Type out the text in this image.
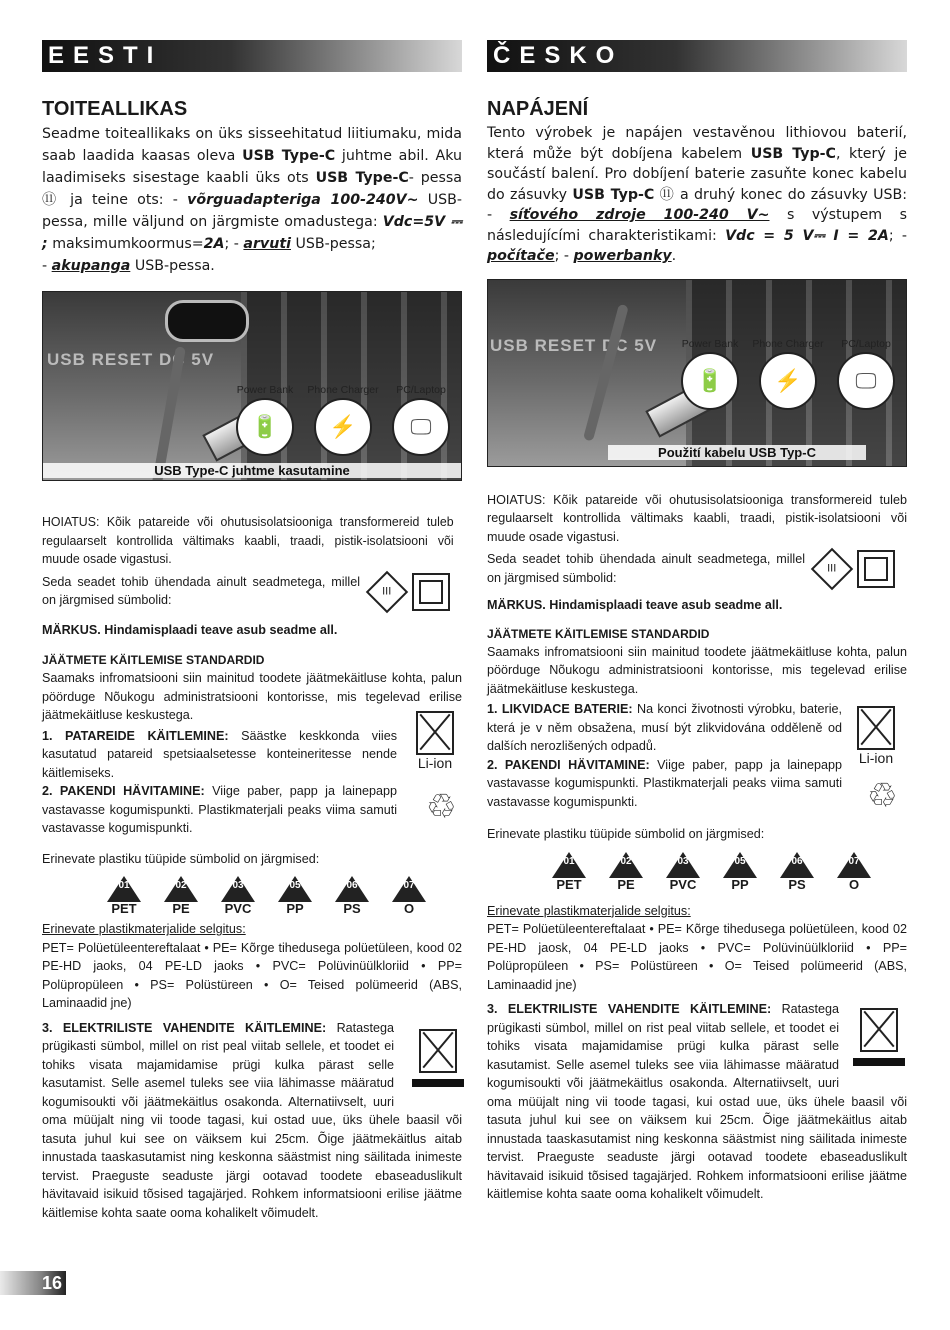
EESTI
TOITEALLIKAS

Seadme toiteallikaks on üks sisseehitatud liitiumaku, mida saab laadida kaasas oleva USB Type-C juhtme abil. Aku laadimiseks sisestage kaabli üks ots USB Type-C- pessa ⑪ ja teine ots: - võrguadapteriga 100-240V~ USB-pessa, mille väljund on järgmiste omadustega: Vdc=5V ⎓ ; maksimumkoormus=2A; - arvuti USB-pessa;
- akupanga USB-pessa.

USB RESET DC 5V
Power Bank
🔋
Phone Charger
⚡
PC/Laptop
🖵
USB Type-C juhtme kasutamine

HOIATUS: Kõik patareide või ohutusisolatsiooniga transformereid tuleb regulaarselt kontrollida vältimaks kaabli, traadi, pistik-isolatsiooni või muude osade vigastusi.

Seda seadet tohib ühendada ainult seadmetega, millel on järgmised sümbolid:

III

MÄRKUS. Hindamisplaadi teave asub seadme all.

JÄÄTMETE KÄITLEMISE STANDARDID

Saamaks infromatsiooni siin mainitud toodete jäätmekäitluse kohta, palun pöörduge Nõukogu administratsiooni kontorisse, mis tegelevad erilise jäätmekäitluse keskustega.

1. PATAREIDE KÄITLEMINE: Säästke keskkonda viies kasutatud patareid spetsiaalsetesse konteineritesse nende käitlemiseks.

2. PAKENDI HÄVITAMINE: Viige paber, papp ja lainepapp vastavasse kogumispunkti. Plastikmaterjali peaks viima samuti vastavasse kogumispunkti.

Li-ion
♲

Erinevate plastiku tüüpide sümbolid on järgmised:

01
PET
02
PE
03
PVC
05
PP
06
PS
07
O

Erinevate plastikmaterjalide selgitus:

PET= Polüetüleentereftalaat • PE= Kõrge tihedusega polüetüleen, kood 02 PE-HD jaoks, 04 PE-LD jaoks • PVC= Polüvinüülkloriid • PP= Polüpropüleen • PS= Polüstüreen • O= Teised polümeerid (ABS, Laminaadid jne)

3. ELEKTRILISTE VAHENDITE KÄITLEMINE: Ratastega prügikasti sümbol, millel on rist peal viitab sellele, et toodet ei tohiks visata majamidamise prügi kulka pärast selle kasutamist. Selle asemel tuleks see viia lähimasse määratud kogumisoukti või jäätmekäitlus osakonda. Alternatiivselt, uuri oma müüjalt ning vii toode tagasi, kui ostad uue, üks ühele baasil või tasuta juhul kui see on väiksem kui 25cm. Õige jäätmekäitlus aitab innustada taaskasutamist ning keskonna säästmist ning säilitada inimeste tervist. Praeguste seaduste järgi ootavad toodete ebaseaduslikult hävitavaid isikuid tõsised tagajärjed. Rohkem informatsiooni erilise jäätme käitlemise kohta saate ooma kohalikelt võimudelt.

ČESKO
NAPÁJENÍ

Tento výrobek je napájen vestavěnou lithiovou baterií, která může být dobíjena kabelem USB Typ-C, který je součástí balení. Pro dobíjení baterie zasuňte konec kabelu do zásuvky USB Typ-C ⑪ a druhý konec do zásuvky USB: - síťového zdroje 100-240 V~ s výstupem s následujícími charakteristikami: Vdc = 5 V⎓ I = 2A; - počítače; - powerbanky.

USB RESET DC 5V	Power Bank
🔋
Phone Charger
⚡
PC/Laptop
🖵
Použití kabelu USB Typ-C

HOIATUS: Kõik patareide või ohutusisolatsiooniga transformereid tuleb regulaarselt kontrollida vältimaks kaabli, traadi, pistik-isolatsiooni või muude osade vigastusi.

Seda seadet tohib ühendada ainult seadmetega, millel on järgmised sümbolid:

III

MÄRKUS. Hindamisplaadi teave asub seadme all.

JÄÄTMETE KÄITLEMISE STANDARDID

Saamaks infromatsiooni siin mainitud toodete jäätmekäitluse kohta, palun pöörduge Nõukogu administratsiooni kontorisse, mis tegelevad erilise jäätmekäitluse keskustega.

1. LIKVIDACE BATERIE: Na konci životnosti výrobku, baterie, která je v něm obsažena, musí být zlikvidována odděleně od dalších nerozlišených odpadů.

2. PAKENDI HÄVITAMINE: Viige paber, papp ja lainepapp vastavasse kogumispunkti. Plastikmaterjali peaks viima samuti vastavasse kogumispunkti.

Li-ion
♲

Erinevate plastiku tüüpide sümbolid on järgmised:

01
PET
02
PE
03
PVC
05
PP
06
PS
07
O

Erinevate plastikmaterjalide selgitus:

PET= Polüetüleentereftalaat • PE= Kõrge tihedusega polüetüleen, kood 02 PE-HD jaosk, 04 PE-LD jaoks • PVC= Polüvinüülkloriid • PP= Polüpropüleen • PS= Polüstüreen • O= Teised polümeerid (ABS, Laminaadid jne)

3. ELEKTRILISTE VAHENDITE KÄITLEMINE: Ratastega prügikasti sümbol, millel on rist peal viitab sellele, et toodet ei tohiks visata majamidamise prügi kulka pärast selle kasutamist. Selle asemel tuleks see viia lähimasse määratud kogumisoukti või jäätmekäitlus osakonda. Alternatiivselt, uuri oma müüjalt ning vii toode tagasi, kui ostad uue, üks ühele baasil või tasuta juhul kui see on väiksem kui 25cm. Õige jäätmekäitlus aitab innustada taaskasutamist ning keskonna säästmist ning säilitada inimeste tervist. Praeguste seaduste järgi ootavad toodete ebaseaduslikult hävitavaid isikuid tõsised tagajärjed. Rohkem informatsiooni erilise jäätme käitlemise kohta saate ooma kohalikelt võimudelt.

16
